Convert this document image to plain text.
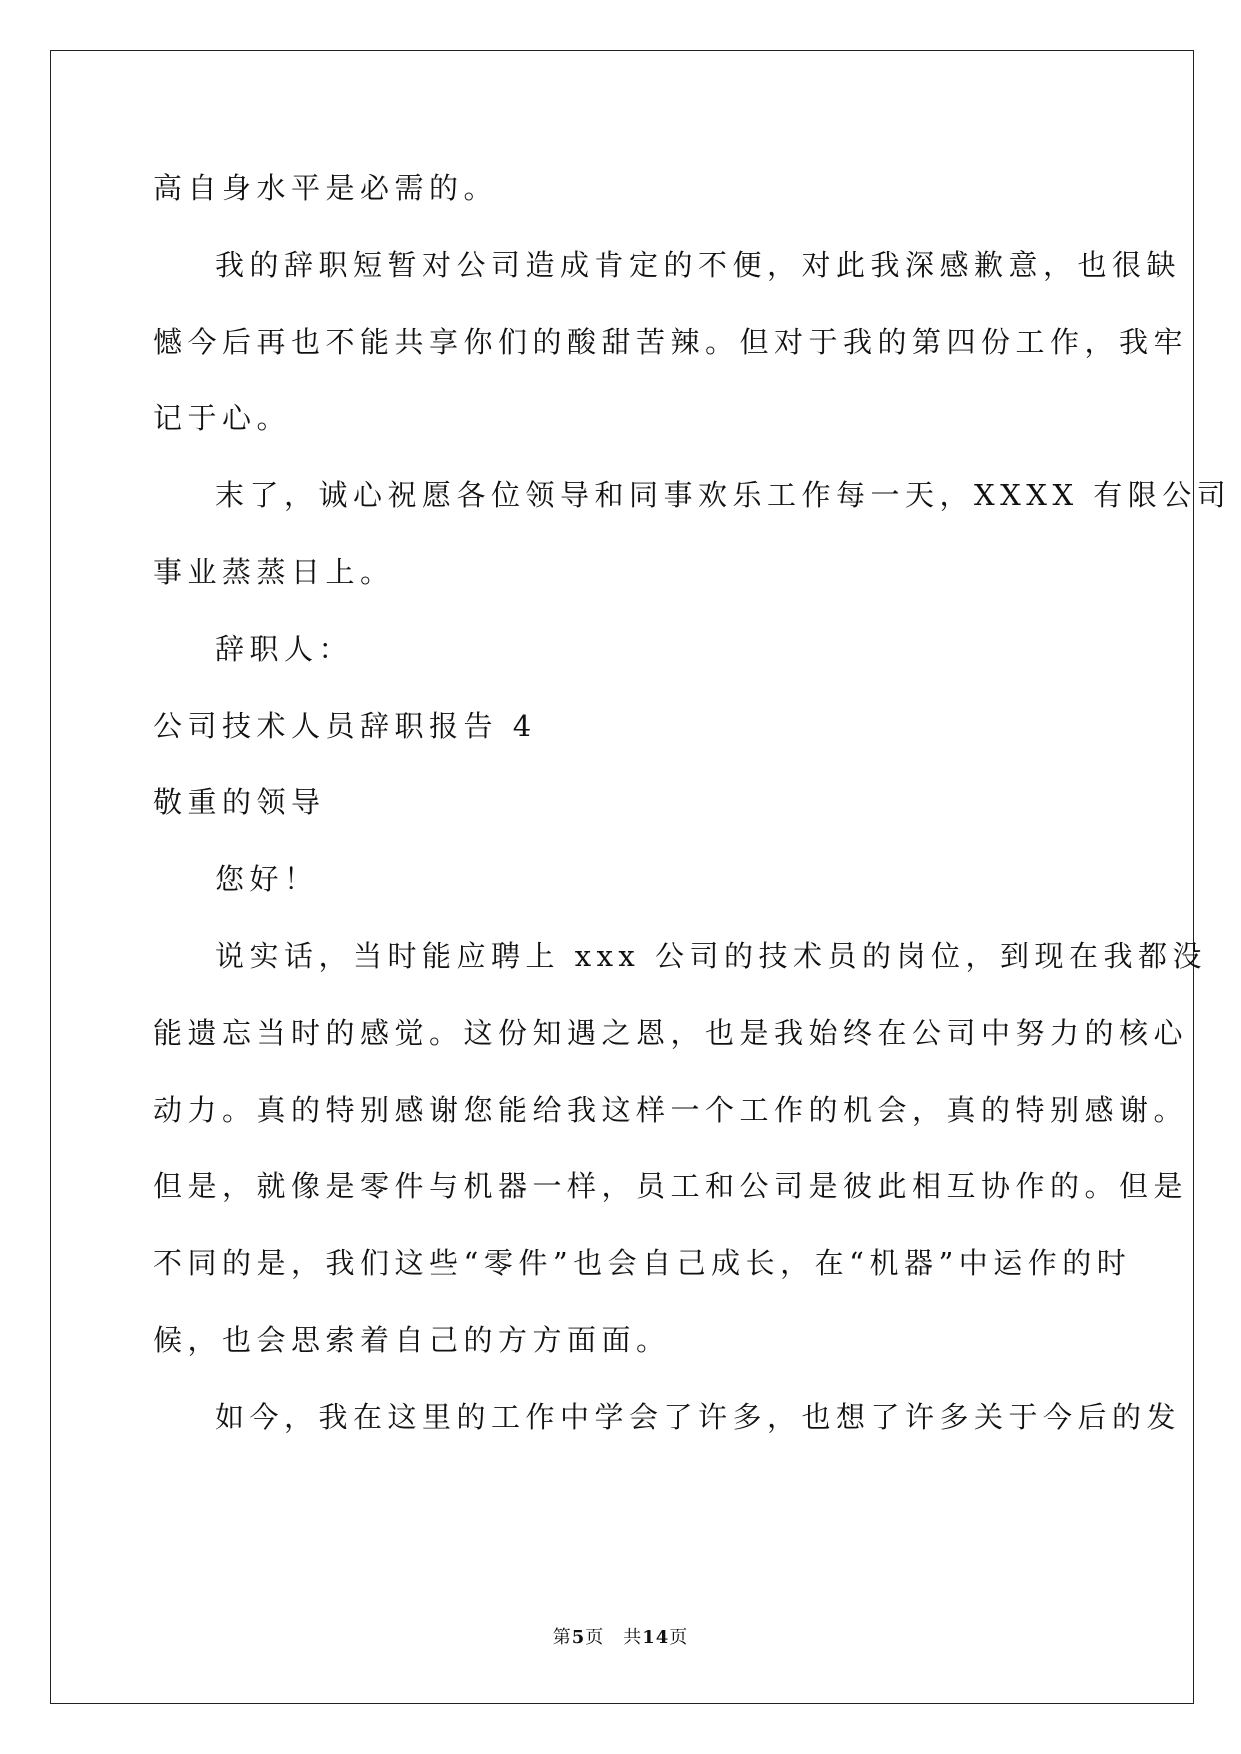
高自身水平是必需的。
我的辞职短暂对公司造成肯定的不便，对此我深感歉意，也很缺
憾今后再也不能共享你们的酸甜苦辣。但对于我的第四份工作，我牢
记于心。
末了，诚心祝愿各位领导和同事欢乐工作每一天，XXXX 有限公司
事业蒸蒸日上。
辞职人：
公司技术人员辞职报告 4
敬重的领导
您好！
说实话，当时能应聘上 xxx 公司的技术员的岗位，到现在我都没
能遗忘当时的感觉。这份知遇之恩，也是我始终在公司中努力的核心
动力。真的特别感谢您能给我这样一个工作的机会，真的特别感谢。
但是，就像是零件与机器一样，员工和公司是彼此相互协作的。但是
不同的是，我们这些“零件”也会自己成长，在“机器”中运作的时
候，也会思索着自己的方方面面。
如今，我在这里的工作中学会了许多，也想了许多关于今后的发
第5页　共14页
